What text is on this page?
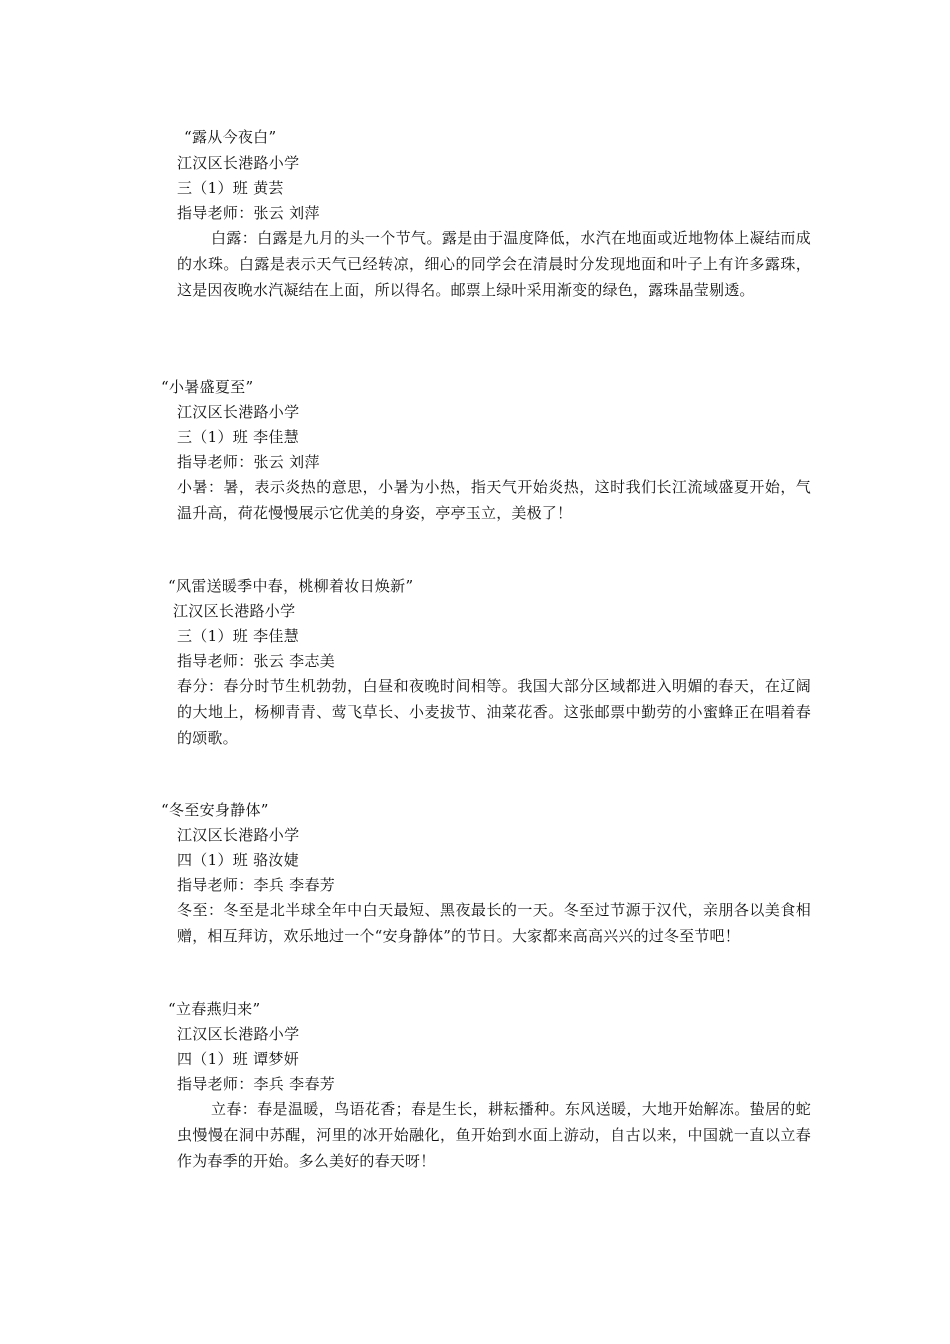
“露从今夜白”
江汉区长港路小学
三（1）班 黄芸
指导老师：张云 刘萍
白露：白露是九月的头一个节气。露是由于温度降低，水汽在地面或近地物体上凝结而成的水珠。白露是表示天气已经转凉，细心的同学会在清晨时分发现地面和叶子上有许多露珠，这是因夜晚水汽凝结在上面，所以得名。邮票上绿叶采用渐变的绿色，露珠晶莹剔透。
“小暑盛夏至”
江汉区长港路小学
三（1）班 李佳慧
指导老师：张云 刘萍
小暑：暑，表示炎热的意思，小暑为小热，指天气开始炎热，这时我们长江流域盛夏开始，气温升高，荷花慢慢展示它优美的身姿，亭亭玉立，美极了！
“风雷送暖季中春，桃柳着妆日焕新”
江汉区长港路小学
三（1）班 李佳慧
指导老师：张云 李志美
春分：春分时节生机勃勃，白昼和夜晚时间相等。我国大部分区域都进入明媚的春天，在辽阔的大地上，杨柳青青、莺飞草长、小麦拔节、油菜花香。这张邮票中勤劳的小蜜蜂正在唱着春的颂歌。
“冬至安身静体”
江汉区长港路小学
四（1）班 骆汝婕
指导老师：李兵 李春芳
冬至：冬至是北半球全年中白天最短、黑夜最长的一天。冬至过节源于汉代，亲朋各以美食相赠，相互拜访，欢乐地过一个“安身静体”的节日。大家都来高高兴兴的过冬至节吧！
“立春燕归来”
江汉区长港路小学
四（1）班 谭梦妍
指导老师：李兵 李春芳
立春：春是温暖，鸟语花香；春是生长，耕耘播种。东风送暖，大地开始解冻。蛰居的蛇虫慢慢在洞中苏醒，河里的冰开始融化，鱼开始到水面上游动，自古以来，中国就一直以立春作为春季的开始。多么美好的春天呀！
